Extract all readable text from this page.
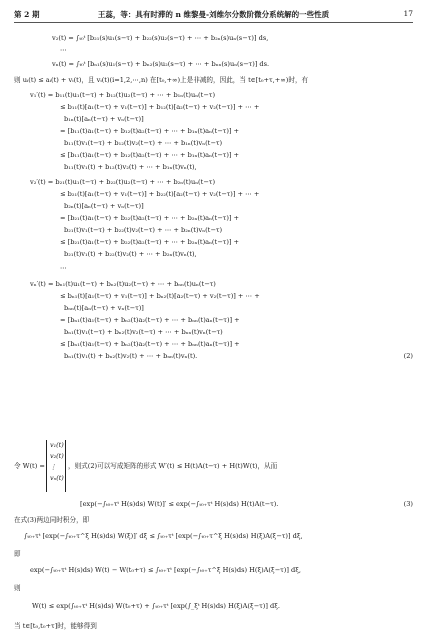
第 2 期	王蕊，等：具有时滞的 n 维黎曼-刘维尔分数阶微分系统解的一些性质	17
v₂(t) = ∫ₜ₀ᵗ [b₂₁(s)u₁(s−τ) + b₂₂(s)u₂(s−τ) + ⋯ + b₂ₙ(s)uₙ(s−τ)] ds,
⋯
vₙ(t) = ∫ₜ₀ᵗ [bₙ₁(s)u₁(s−τ) + bₙ₂(s)u₂(s−τ) + ⋯ + bₙₙ(s)uₙ(s−τ)] ds.
则 uᵢ(t) ≤ aᵢ(t) + vᵢ(t)，且 vᵢ(t)(i=1,2,⋯,n) 在[t₀,+∞)上是非减的，因此，当 t∈[t₀+τ,+∞)时，有
v₁′(t) = b₁₁(t)u₁(t−τ) + b₁₂(t)u₂(t−τ) + ⋯ + b₁ₙ(t)uₙ(t−τ)
≤ b₁₁(t)[a₁(t−τ) + v₁(t−τ)] + b₁₂(t)[a₂(t−τ) + v₂(t−τ)] + ⋯ +
b₁ₙ(t)[aₙ(t−τ) + vₙ(t−τ)]
= [b₁₁(t)a₁(t−τ) + b₁₂(t)a₂(t−τ) + ⋯ + b₁ₙ(t)aₙ(t−τ)] +
b₁₁(t)v₁(t−τ) + b₁₂(t)v₂(t−τ) + ⋯ + b₁ₙ(t)vₙ(t−τ)
≤ [b₁₁(t)a₁(t−τ) + b₁₂(t)a₂(t−τ) + ⋯ + b₁ₙ(t)aₙ(t−τ)] +
b₁₁(t)v₁(t) + b₁₂(t)v₂(t) + ⋯ + b₁ₙ(t)vₙ(t),
v₂′(t) = b₂₁(t)u₁(t−τ) + b₂₂(t)u₂(t−τ) + ⋯ + b₂ₙ(t)uₙ(t−τ)
≤ b₂₁(t)[a₁(t−τ) + v₁(t−τ)] + b₂₂(t)[a₂(t−τ) + v₂(t−τ)] + ⋯ +
b₂ₙ(t)[aₙ(t−τ) + vₙ(t−τ)]
= [b₂₁(t)a₁(t−τ) + b₂₂(t)a₂(t−τ) + ⋯ + b₂ₙ(t)aₙ(t−τ)] +
b₂₁(t)v₁(t−τ) + b₂₂(t)v₂(t−τ) + ⋯ + b₂ₙ(t)vₙ(t−τ)
≤ [b₂₁(t)a₁(t−τ) + b₂₂(t)a₂(t−τ) + ⋯ + b₂ₙ(t)aₙ(t−τ)] +
b₂₁(t)v₁(t) + b₂₂(t)v₂(t) + ⋯ + b₂ₙ(t)vₙ(t),
⋯
vₙ′(t) = bₙ₁(t)u₁(t−τ) + bₙ₂(t)u₂(t−τ) + ⋯ + bₙₙ(t)uₙ(t−τ)
≤ bₙ₁(t)[a₁(t−τ) + v₁(t−τ)] + bₙ₂(t)[a₂(t−τ) + v₂(t−τ)] + ⋯ +
bₙₙ(t)[aₙ(t−τ) + vₙ(t−τ)]
= [bₙ₁(t)a₁(t−τ) + bₙ₂(t)a₂(t−τ) + ⋯ + bₙₙ(t)aₙ(t−τ)] +
bₙ₁(t)v₁(t−τ) + bₙ₂(t)v₂(t−τ) + ⋯ + bₙₙ(t)vₙ(t−τ)
≤ [bₙ₁(t)a₁(t−τ) + bₙ₂(t)a₂(t−τ) + ⋯ + bₙₙ(t)aₙ(t−τ)] +
bₙ₁(t)v₁(t) + bₙ₂(t)v₂(t) + ⋯ + bₙₙ(t)vₙ(t).	(2)
令 W(t) =
v₁(t)
v₂(t)
⋮
vₙ(t)
，则式(2)可以写成矩阵的形式 W′(t) ≤ H(t)A(t−τ) + H(t)W(t)，从而
[exp(−∫ₜ₀₊τᵗ H(s)ds) W(t)]′ ≤ exp(−∫ₜ₀₊τᵗ H(s)ds) H(t)A(t−τ).	(3)
在式(3)两边同时积分，即
∫ₜ₀₊τᵗ [exp(−∫ₜ₀₊τ^ξ H(s)ds) W(ξ)]′ dξ ≤ ∫ₜ₀₊τᵗ [exp(−∫ₜ₀₊τ^ξ H(s)ds) H(ξ)A(ξ−τ)] dξ,
即
exp(−∫ₜ₀₊τᵗ H(s)ds) W(t) − W(t₀+τ) ≤ ∫ₜ₀₊τᵗ [exp(−∫ₜ₀₊τ^ξ H(s)ds) H(ξ)A(ξ−τ)] dξ,
则
W(t) ≤ exp(∫ₜ₀₊τᵗ H(s)ds) W(t₀+τ) + ∫ₜ₀₊τᵗ [exp(∫_ξᵗ H(s)ds) H(ξ)A(ξ−τ)] dξ.
当 t∈[t₀,t₀+τ]时，能够得到
